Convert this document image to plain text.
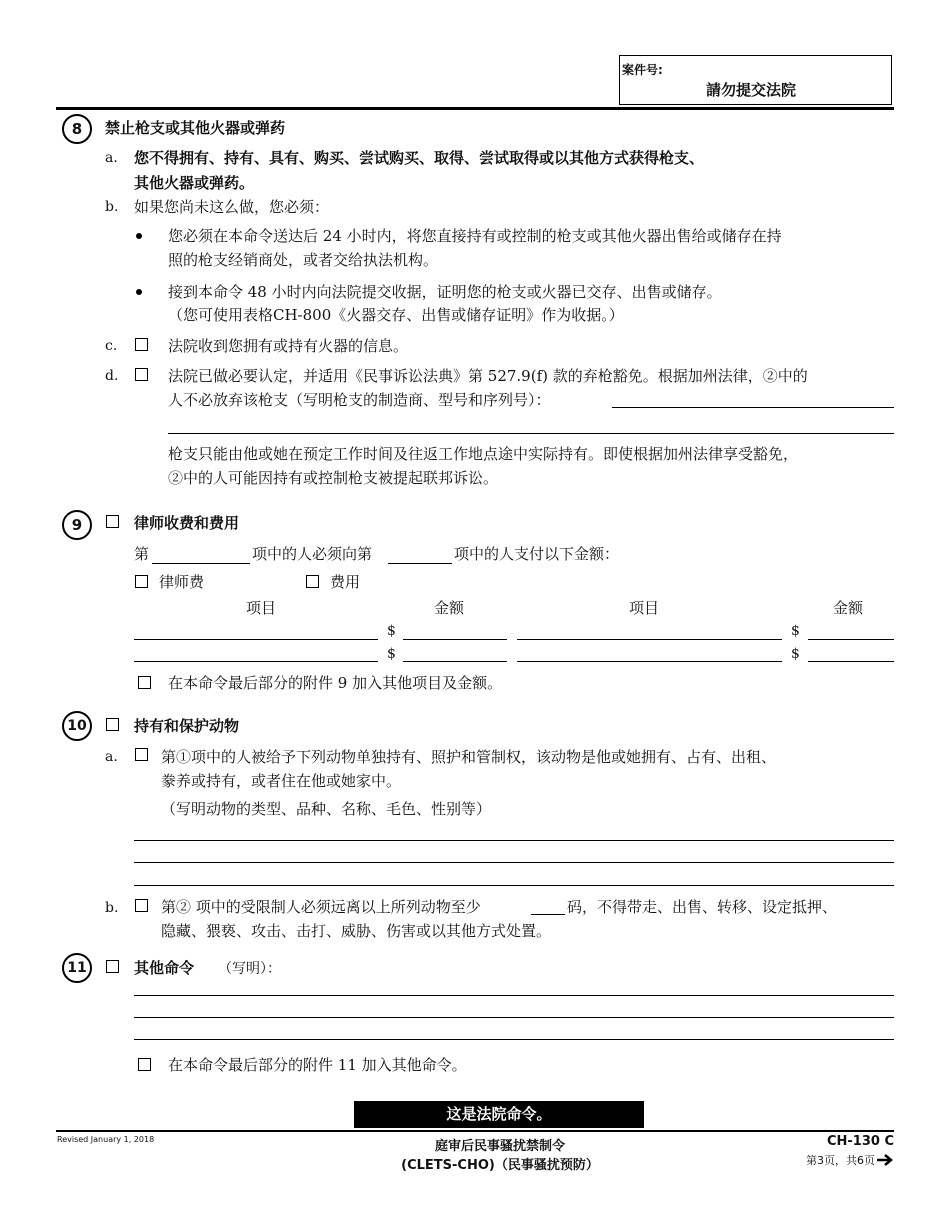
案件号:
請勿提交法院
8	禁止枪支或其他火器或弹药
a. 您不得拥有、持有、具有、购买、尝试购买、取得、尝试取得或以其他方式获得枪支、
其他火器或弹药。
b. 如果您尚未这么做，您必须：
您必须在本命令送达后 24 小时内，将您直接持有或控制的枪支或其他火器出售给或储存在持
照的枪支经销商处，或者交给执法机构。
接到本命令 48 小时内向法院提交收据，证明您的枪支或火器已交存、出售或储存。
（您可使用表格CH-800《火器交存、出售或储存证明》作为收据。）
c.	法院收到您拥有或持有火器的信息。
d.	法院已做必要认定，并适用《民事诉讼法典》第 527.9(f) 款的弃枪豁免。根据加州法律，②中的
人不必放弃该枪支（写明枪支的制造商、型号和序列号）：
枪支只能由他或她在预定工作时间及往返工作地点途中实际持有。即使根据加州法律享受豁免，
②中的人可能因持有或控制枪支被提起联邦诉讼。
9	律师收费和费用
第	项中的人必须向第	项中的人支付以下金额：
律师费	费用
项目	金额	项目	金额
$	$
$	$
在本命令最后部分的附件 9 加入其他项目及金额。
10	持有和保护动物
a.	第①项中的人被给予下列动物单独持有、照护和管制权，该动物是他或她拥有、占有、出租、
豢养或持有，或者住在他或她家中。
（写明动物的类型、品种、名称、毛色、性别等）
b.	第② 项中的受限制人必须远离以上所列动物至少	码，不得带走、出售、转移、设定抵押、
隐藏、猥亵、攻击、击打、威胁、伤害或以其他方式处置。
11	其他命令 （写明）：
在本命令最后部分的附件 11 加入其他命令。
这是法院命令。
Revised January 1, 2018	庭审后民事骚扰禁制令
(CLETS-CHO)（民事骚扰预防）
CH-130 C
第3页，共6页
